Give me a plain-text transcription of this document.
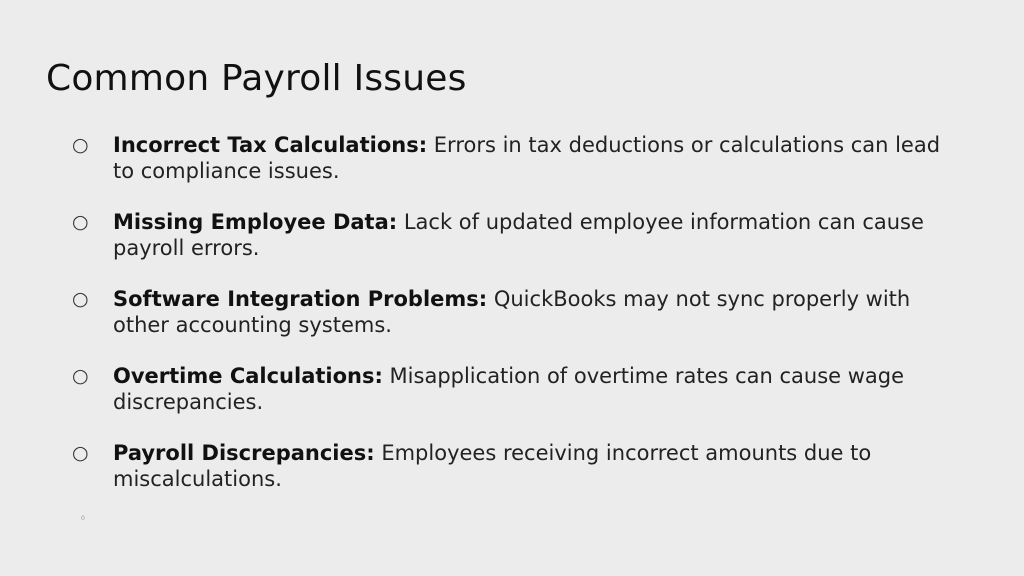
Common Payroll Issues
○ Incorrect Tax Calculations: Errors in tax deductions or calculations can lead to compliance issues.
○ Missing Employee Data: Lack of updated employee information can cause payroll errors.
○ Software Integration Problems: QuickBooks may not sync properly with other accounting systems.
○ Overtime Calculations: Misapplication of overtime rates can cause wage discrepancies.
○ Payroll Discrepancies: Employees receiving incorrect amounts due to miscalculations.
0
